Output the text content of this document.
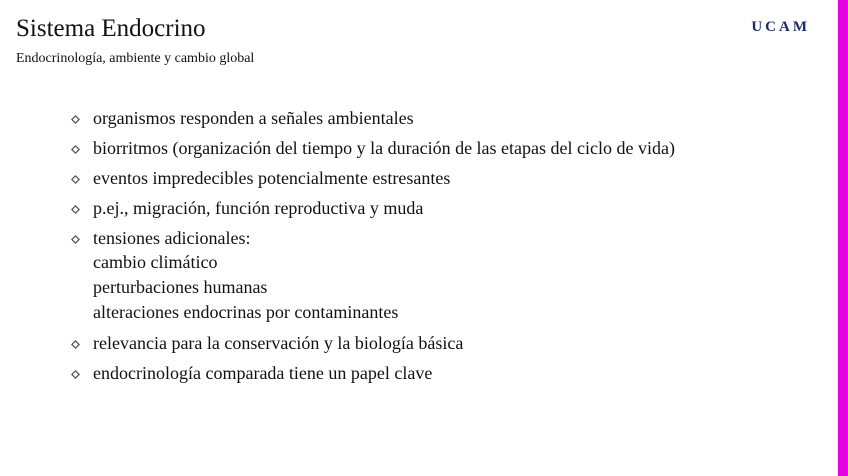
Sistema Endocrino
Endocrinología, ambiente y cambio global
UCAM
organismos responden a señales ambientales
biorritmos (organización del tiempo y la duración de las etapas del ciclo de vida)
eventos impredecibles potencialmente estresantes
p.ej., migración, función reproductiva y muda
tensiones adicionales:
cambio climático
perturbaciones humanas
alteraciones endocrinas por contaminantes
relevancia para la conservación y la biología básica
endocrinología comparada tiene un papel clave
